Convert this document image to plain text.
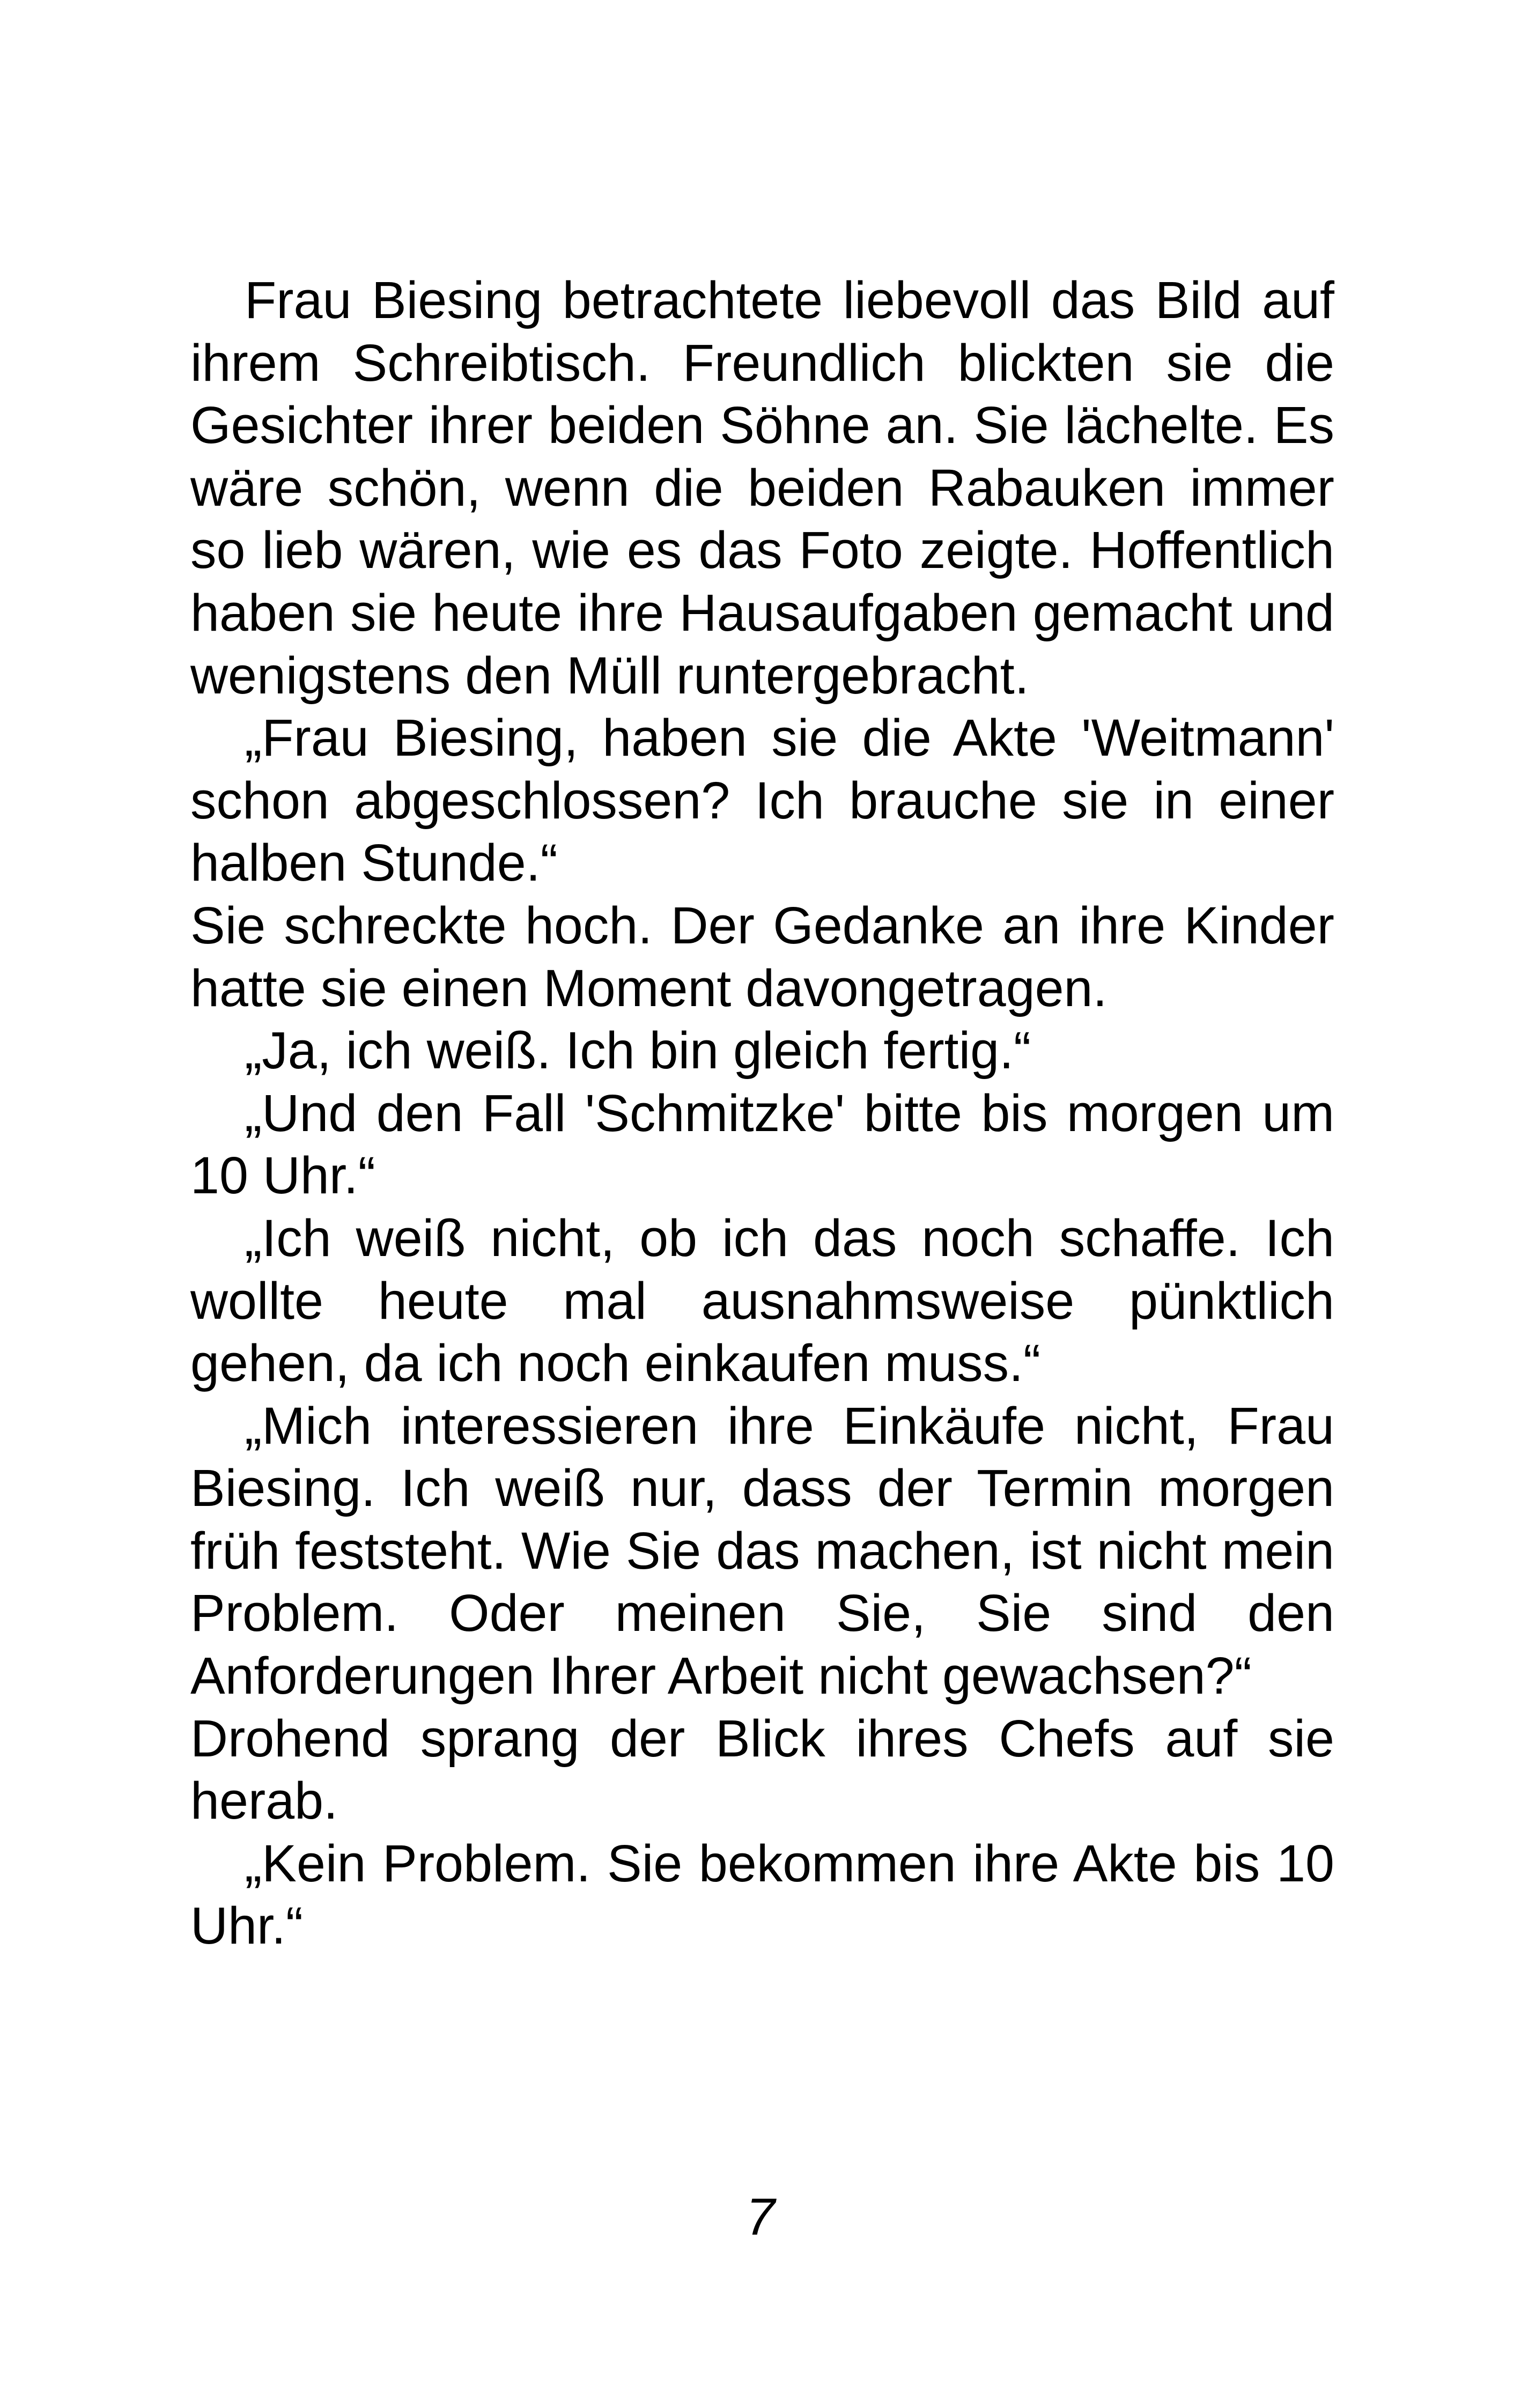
Frau Biesing betrachtete liebevoll das Bild auf ihrem Schreibtisch. Freundlich blickten sie die Gesichter ihrer beiden Söhne an. Sie lächelte. Es wäre schön, wenn die beiden Rabauken immer so lieb wären, wie es das Foto zeigte. Hoffentlich haben sie heute ihre Hausaufgaben gemacht und wenigstens den Müll runtergebracht.

„Frau Biesing, haben sie die Akte 'Weitmann' schon abgeschlossen? Ich brauche sie in einer halben Stunde.“

Sie schreckte hoch. Der Gedanke an ihre Kinder hatte sie einen Moment davongetragen.

„Ja, ich weiß. Ich bin gleich fertig.“

„Und den Fall 'Schmitzke' bitte bis morgen um 10 Uhr.“

„Ich weiß nicht, ob ich das noch schaffe. Ich wollte heute mal ausnahmsweise pünktlich gehen, da ich noch einkaufen muss.“

„Mich interessieren ihre Einkäufe nicht, Frau Biesing. Ich weiß nur, dass der Termin morgen früh feststeht. Wie Sie das machen, ist nicht mein Problem. Oder meinen Sie, Sie sind den Anforderungen Ihrer Arbeit nicht gewachsen?“

Drohend sprang der Blick ihres Chefs auf sie herab.

„Kein Problem. Sie bekommen ihre Akte bis 10 Uhr.“

7
